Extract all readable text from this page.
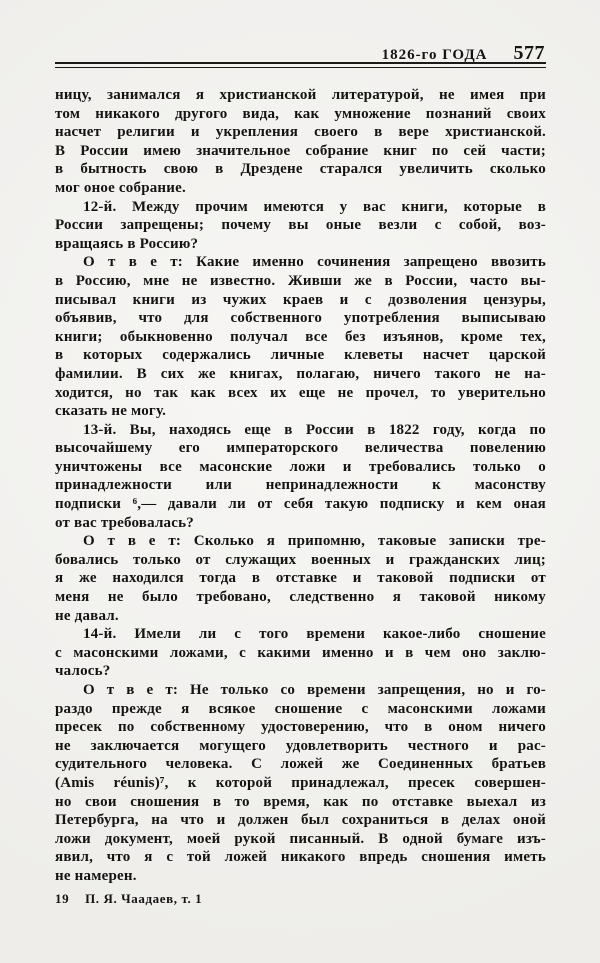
1826-го ГОДА 577
ницу, занимался я христианской литературой, не имея при
том никакого другого вида, как умножение познаний своих
насчет религии и укрепления своего в вере христианской.
В России имею значительное собрание книг по сей части;
в бытность свою в Дрездене старался увеличить сколько
мог оное собрание.
12-й. Между прочим имеются у вас книги, которые в
России запрещены; почему вы оные везли с собой, воз-
вращаясь в Россию?
О т в е т: Какие именно сочинения запрещено ввозить
в Россию, мне не известно. Живши же в России, часто вы-
писывал книги из чужих краев и с дозволения цензуры,
объявив, что для собственного употребления выписываю
книги; обыкновенно получал все без изъянов, кроме тех,
в которых содержались личные клеветы насчет царской
фамилии. В сих же книгах, полагаю, ничего такого не на-
ходится, но так как всех их еще не прочел, то уверительно
сказать не могу.
13-й. Вы, находясь еще в России в 1822 году, когда по
высочайшему его императорского величества повелению
уничтожены все масонские ложи и требовались только о
принадлежности или непринадлежности к масонству
подписки ⁶,— давали ли от себя такую подписку и кем оная
от вас требовалась?
О т в е т: Сколько я припомню, таковые записки тре-
бовались только от служащих военных и гражданских лиц;
я же находился тогда в отставке и таковой подписки от
меня не было требовано, следственно я таковой никому
не давал.
14-й. Имели ли с того времени какое-либо сношение
с масонскими ложами, с какими именно и в чем оно заклю-
чалось?
О т в е т: Не только со времени запрещения, но и го-
раздо прежде я всякое сношение с масонскими ложами
пресек по собственному удостоверению, что в оном ничего
не заключается могущего удовлетворить честного и рас-
судительного человека. С ложей же Соединенных братьев
(Amis réunis)⁷, к которой принадлежал, пресек совершен-
но свои сношения в то время, как по отставке выехал из
Петербурга, на что и должен был сохраниться в делах оной
ложи документ, моей рукой писанный. В одной бумаге изъ-
явил, что я с той ложей никакого впредь сношения иметь
не намерен.
19 П. Я. Чаадаев, т. 1
